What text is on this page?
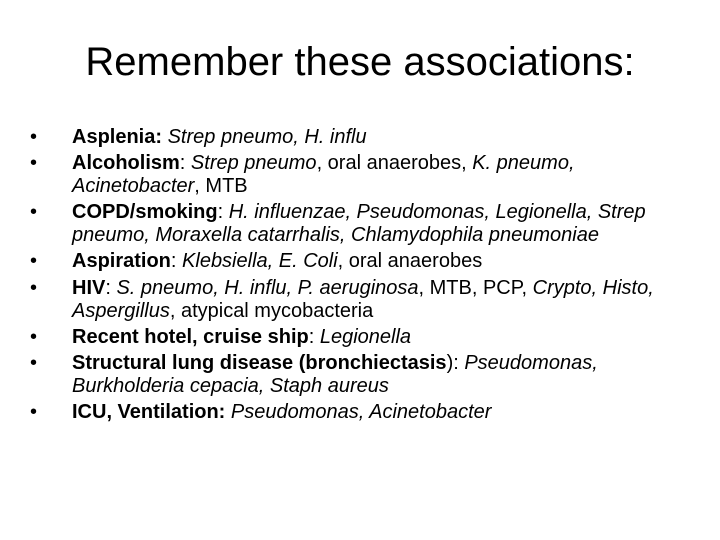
Remember these associations:
•	Asplenia: Strep pneumo, H. influ
•	Alcoholism: Strep pneumo, oral anaerobes, K. pneumo, Acinetobacter, MTB
•	COPD/smoking: H. influenzae, Pseudomonas, Legionella, Strep pneumo, Moraxella catarrhalis, Chlamydophila pneumoniae
•	Aspiration: Klebsiella, E. Coli, oral anaerobes
•	HIV: S. pneumo, H. influ, P. aeruginosa, MTB, PCP, Crypto, Histo, Aspergillus, atypical mycobacteria
•	Recent hotel, cruise ship: Legionella
•	Structural lung disease (bronchiectasis): Pseudomonas, Burkholderia cepacia, Staph aureus
•	ICU, Ventilation: Pseudomonas, Acinetobacter
